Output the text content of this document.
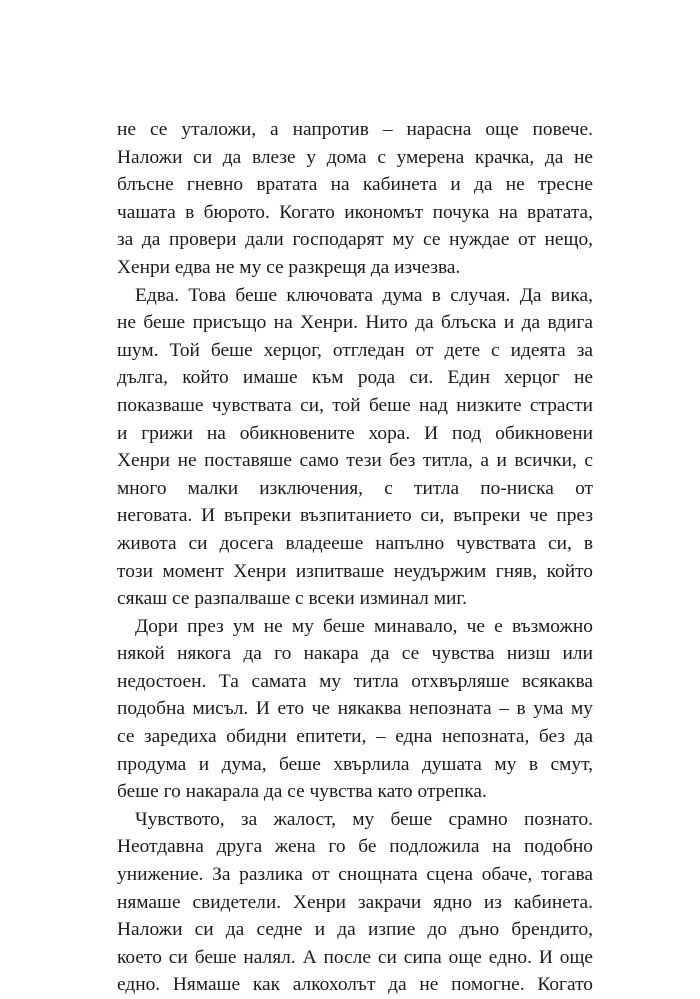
не се уталожи, а напротив – нарасна още повече.
Наложи си да влезе у дома с умерена крачка, да не
блъсне гневно вратата на кабинета и да не тресне
чашата в бюрото. Когато икономът почука на вратата,
за да провери дали господарят му се нуждае от нещо,
Хенри едва не му се разкрещя да изчезва.

Едва. Това беше ключовата дума в случая. Да вика,
не беше присъщо на Хенри. Нито да блъска и да вдига
шум. Той беше херцог, отгледан от дете с идеята за
дълга, който имаше към рода си. Един херцог не
показваше чувствата си, той беше над низките страсти
и грижи на обикновените хора. И под обикновени
Хенри не поставяше само тези без титла, а и всички, с
много малки изключения, с титла по-ниска от
неговата. И въпреки възпитанието си, въпреки че през
живота си досега владееше напълно чувствата си, в
този момент Хенри изпитваше неудържим гняв, който
сякаш се разпалваше с всеки изминал миг.

Дори през ум не му беше минавало, че е възможно
някой някога да го накара да се чувства низш или
недостоен. Та самата му титла отхвърляше всякаква
подобна мисъл. И ето че някаква непозната – в ума му
се заредиха обидни епитети, – една непозната, без да
продума и дума, беше хвърлила душата му в смут,
беше го накарала да се чувства като отрепка.

Чувството, за жалост, му беше срамно познато.
Неотдавна друга жена го бе подложила на подобно
унижение. За разлика от снощната сцена обаче, тогава
нямаше свидетели. Хенри закрачи ядно из кабинета.
Наложи си да седне и да изпие до дъно брендито,
което си беше налял. А после си сипа още едно. И още
едно. Нямаше как алкохолът да не помогне. Когато
